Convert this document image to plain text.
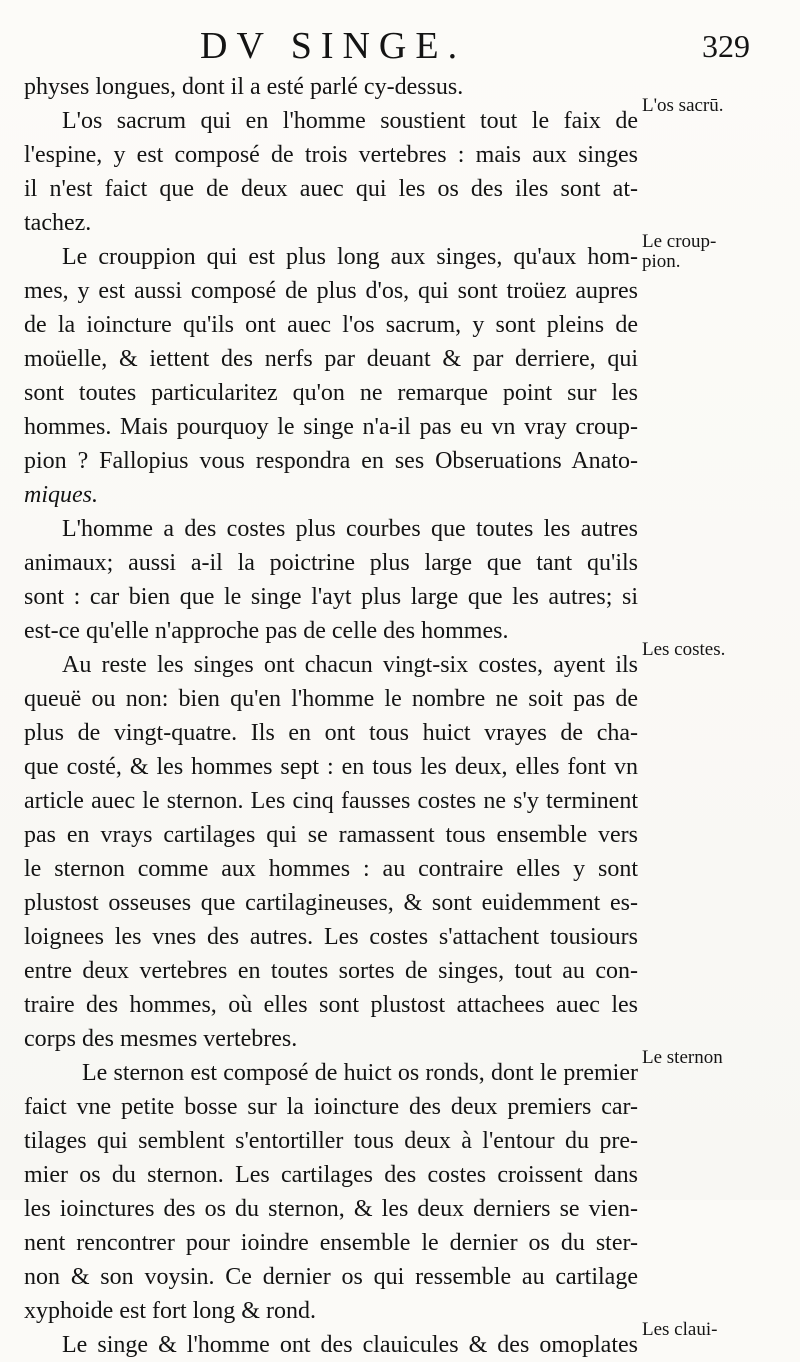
DV SINGE.	329
physes longues, dont il a esté parlé cy-dessus.
L'os sacrum qui en l'homme soustient tout le faix de
l'espine, y est composé de trois vertebres : mais aux singes
il n'est faict que de deux auec qui les os des iles sont at-
tachez.
Le crouppion qui est plus long aux singes, qu'aux hom-
mes, y est aussi composé de plus d'os, qui sont troüez aupres
de la ioincture qu'ils ont auec l'os sacrum, y sont pleins de
moüelle, & iettent des nerfs par deuant & par derriere, qui
sont toutes particularitez qu'on ne remarque point sur les
hommes. Mais pourquoy le singe n'a-il pas eu vn vray croup-
pion ? Fallopius vous respondra en ses Obseruations Anato-
miques.
L'homme a des costes plus courbes que toutes les autres
animaux; aussi a-il la poictrine plus large que tant qu'ils
sont : car bien que le singe l'ayt plus large que les autres; si
est-ce qu'elle n'approche pas de celle des hommes.
Au reste les singes ont chacun vingt-six costes, ayent ils
queuë ou non: bien qu'en l'homme le nombre ne soit pas de
plus de vingt-quatre. Ils en ont tous huict vrayes de cha-
que costé, & les hommes sept : en tous les deux, elles font vn
article auec le sternon. Les cinq fausses costes ne s'y terminent
pas en vrays cartilages qui se ramassent tous ensemble vers
le sternon comme aux hommes : au contraire elles y sont
plustost osseuses que cartilagineuses, & sont euidemment es-
loignees les vnes des autres. Les costes s'attachent tousiours
entre deux vertebres en toutes sortes de singes, tout au con-
traire des hommes, où elles sont plustost attachees auec les
corps des mesmes vertebres.
Le sternon est composé de huict os ronds, dont le premier
faict vne petite bosse sur la ioincture des deux premiers car-
tilages qui semblent s'entortiller tous deux à l'entour du pre-
mier os du sternon. Les cartilages des costes croissent dans
les ioinctures des os du sternon, & les deux derniers se vien-
nent rencontrer pour ioindre ensemble le dernier os du ster-
non & son voysin. Ce dernier os qui ressemble au cartilage
xyphoide est fort long & rond.
Le singe & l'homme ont des clauicules & des omoplates
L'os sacrū.
Le croup-
pion.
Les costes.
Le sternon
Les claui-
